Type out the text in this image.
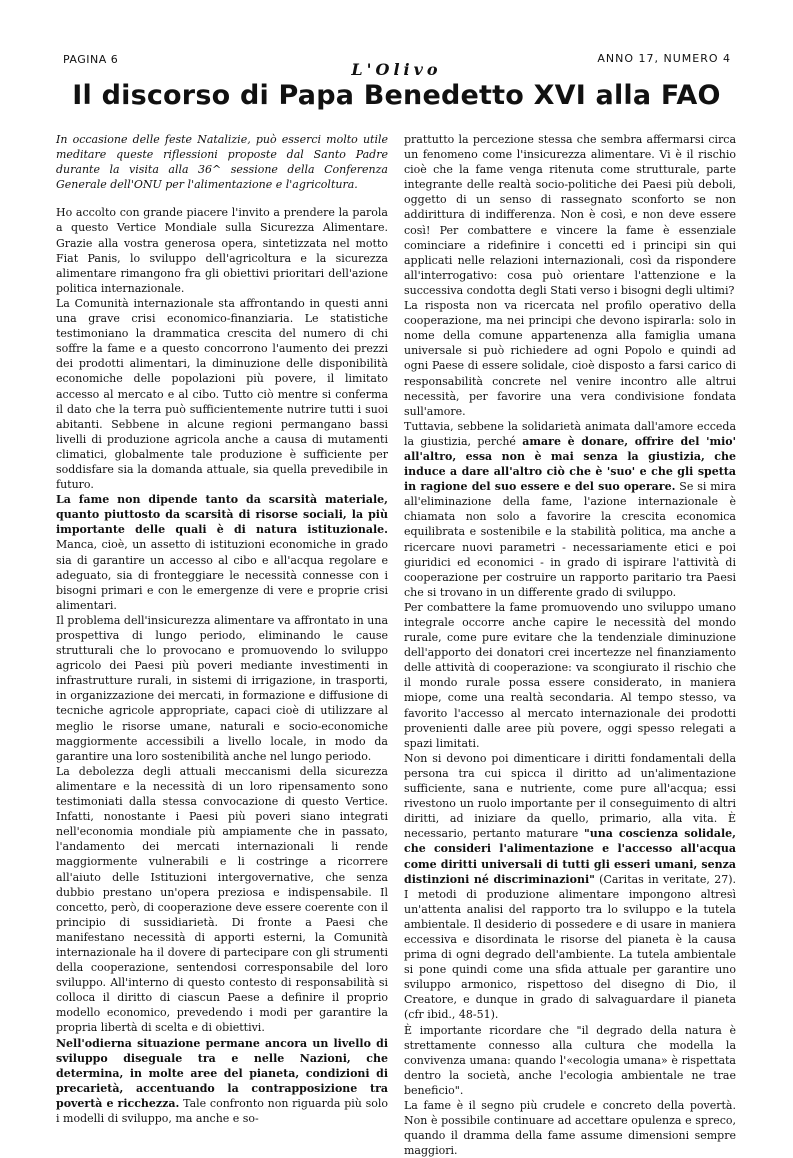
PAGINA 6
L'Olivo
ANNO 17, NUMERO 4
Il discorso di Papa Benedetto XVI alla FAO

In occasione delle feste Natalizie, può esserci molto utile meditare queste riflessioni proposte dal Santo Padre durante la visita alla 36^ sessione della Conferenza Generale dell'ONU per l'alimentazione e l'agricoltura.

Ho accolto con grande piacere l'invito a prendere la parola a questo Vertice Mondiale sulla Sicurezza Alimentare. Grazie alla vostra generosa opera, sintetizzata nel motto Fiat Panis, lo sviluppo dell'agricoltura e la sicurezza alimentare rimangono fra gli obiettivi prioritari dell'azione politica internazionale.

La Comunità internazionale sta affrontando in questi anni una grave crisi economico-finanziaria. Le statistiche testimoniano la drammatica crescita del numero di chi soffre la fame e a questo concorrono l'aumento dei prezzi dei prodotti alimentari, la diminuzione delle disponibilità economiche delle popolazioni più povere, il limitato accesso al mercato e al cibo. Tutto ciò mentre si conferma il dato che la terra può sufficientemente nutrire tutti i suoi abitanti. Sebbene in alcune regioni permangano bassi livelli di produzione agricola anche a causa di mutamenti climatici, globalmente tale produzione è sufficiente per soddisfare sia la domanda attuale, sia quella prevedibile in futuro.

La fame non dipende tanto da scarsità materiale, quanto piuttosto da scarsità di risorse sociali, la più importante delle quali è di natura istituzionale. Manca, cioè, un assetto di istituzioni economiche in grado sia di garantire un accesso al cibo e all'acqua regolare e adeguato, sia di fronteggiare le necessità connesse con i bisogni primari e con le emergenze di vere e proprie crisi alimentari.

Il problema dell'insicurezza alimentare va affrontato in una prospettiva di lungo periodo, eliminando le cause strutturali che lo provocano e promuovendo lo sviluppo agricolo dei Paesi più poveri mediante investimenti in infrastrutture rurali, in sistemi di irrigazione, in trasporti, in organizzazione dei mercati, in formazione e diffusione di tecniche agricole appropriate, capaci cioè di utilizzare al meglio le risorse umane, naturali e socio-economiche maggiormente accessibili a livello locale, in modo da garantire una loro sostenibilità anche nel lungo periodo.

La debolezza degli attuali meccanismi della sicurezza alimentare e la necessità di un loro ripensamento sono testimoniati dalla stessa convocazione di questo Vertice. Infatti, nonostante i Paesi più poveri siano integrati nell'economia mondiale più ampiamente che in passato, l'andamento dei mercati internazionali li rende maggiormente vulnerabili e li costringe a ricorrere all'aiuto delle Istituzioni intergovernative, che senza dubbio prestano un'opera preziosa e indispensabile. Il concetto, però, di cooperazione deve essere coerente con il principio di sussidiarietà. Di fronte a Paesi che manifestano necessità di apporti esterni, la Comunità internazionale ha il dovere di partecipare con gli strumenti della cooperazione, sentendosi corresponsabile del loro sviluppo. All'interno di questo contesto di responsabilità si colloca il diritto di ciascun Paese a definire il proprio modello economico, prevedendo i modi per garantire la propria libertà di scelta e di obiettivi.

Nell'odierna situazione permane ancora un livello di sviluppo diseguale tra e nelle Nazioni, che determina, in molte aree del pianeta, condizioni di precarietà, accentuando la contrapposizione tra povertà e ricchezza. Tale confronto non riguarda più solo i modelli di sviluppo, ma anche e so-

prattutto la percezione stessa che sembra affermarsi circa un fenomeno come l'insicurezza alimentare. Vi è il rischio cioè che la fame venga ritenuta come strutturale, parte integrante delle realtà socio-politiche dei Paesi più deboli, oggetto di un senso di rassegnato sconforto se non addirittura di indifferenza. Non è così, e non deve essere così! Per combattere e vincere la fame è essenziale cominciare a ridefinire i concetti ed i principi sin qui applicati nelle relazioni internazionali, così da rispondere all'interrogativo: cosa può orientare l'attenzione e la successiva condotta degli Stati verso i bisogni degli ultimi?

La risposta non va ricercata nel profilo operativo della cooperazione, ma nei principi che devono ispirarla: solo in nome della comune appartenenza alla famiglia umana universale si può richiedere ad ogni Popolo e quindi ad ogni Paese di essere solidale, cioè disposto a farsi carico di responsabilità concrete nel venire incontro alle altrui necessità, per favorire una vera condivisione fondata sull'amore.

Tuttavia, sebbene la solidarietà animata dall'amore ecceda la giustizia, perché amare è donare, offrire del 'mio' all'altro, essa non è mai senza la giustizia, che induce a dare all'altro ciò che è 'suo' e che gli spetta in ragione del suo essere e del suo operare. Se si mira all'eliminazione della fame, l'azione internazionale è chiamata non solo a favorire la crescita economica equilibrata e sostenibile e la stabilità politica, ma anche a ricercare nuovi parametri - necessariamente etici e poi giuridici ed economici - in grado di ispirare l'attività di cooperazione per costruire un rapporto paritario tra Paesi che si trovano in un differente grado di sviluppo.

Per combattere la fame promuovendo uno sviluppo umano integrale occorre anche capire le necessità del mondo rurale, come pure evitare che la tendenziale diminuzione dell'apporto dei donatori crei incertezze nel finanziamento delle attività di cooperazione: va scongiurato il rischio che il mondo rurale possa essere considerato, in maniera miope, come una realtà secondaria. Al tempo stesso, va favorito l'accesso al mercato internazionale dei prodotti provenienti dalle aree più povere, oggi spesso relegati a spazi limitati.

Non si devono poi dimenticare i diritti fondamentali della persona tra cui spicca il diritto ad un'alimentazione sufficiente, sana e nutriente, come pure all'acqua; essi rivestono un ruolo importante per il conseguimento di altri diritti, ad iniziare da quello, primario, alla vita. È necessario, pertanto maturare "una coscienza solidale, che consideri l'alimentazione e l'accesso all'acqua come diritti universali di tutti gli esseri umani, senza distinzioni né discriminazioni" (Caritas in veritate, 27). I metodi di produzione alimentare impongono altresì un'attenta analisi del rapporto tra lo sviluppo e la tutela ambientale. Il desiderio di possedere e di usare in maniera eccessiva e disordinata le risorse del pianeta è la causa prima di ogni degrado dell'ambiente. La tutela ambientale si pone quindi come una sfida attuale per garantire uno sviluppo armonico, rispettoso del disegno di Dio, il Creatore, e dunque in grado di salvaguardare il pianeta (cfr ibid., 48-51).

È importante ricordare che "il degrado della natura è strettamente connesso alla cultura che modella la convivenza umana: quando l'«ecologia umana» è rispettata dentro la società, anche l'ecologia ambientale ne trae beneficio".

La fame è il segno più crudele e concreto della povertà. Non è possibile continuare ad accettare opulenza e spreco, quando il dramma della fame assume dimensioni sempre maggiori.
